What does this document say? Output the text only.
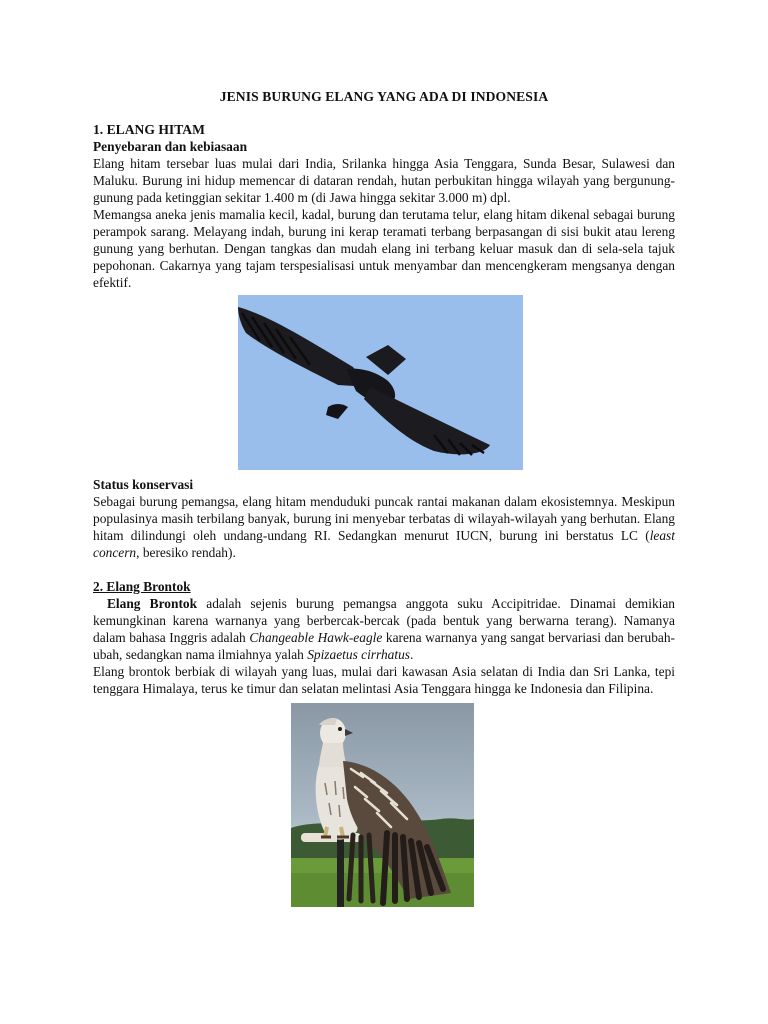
JENIS BURUNG ELANG YANG ADA DI INDONESIA
1. ELANG HITAM
Penyebaran dan kebiasaan

Elang hitam tersebar luas mulai dari India, Srilanka hingga Asia Tenggara, Sunda Besar, Sulawesi dan Maluku. Burung ini hidup memencar di dataran rendah, hutan perbukitan hingga wilayah yang bergunung-gunung pada ketinggian sekitar 1.400 m (di Jawa hingga sekitar 3.000 m) dpl.

Memangsa aneka jenis mamalia kecil, kadal, burung dan terutama telur, elang hitam dikenal sebagai burung perampok sarang. Melayang indah, burung ini kerap teramati terbang berpasangan di sisi bukit atau lereng gunung yang berhutan. Dengan tangkas dan mudah elang ini terbang keluar masuk dan di sela-sela tajuk pepohonan. Cakarnya yang tajam terspesialisasi untuk menyambar dan mencengkeram mengsanya dengan efektif.

Status konservasi

Sebagai burung pemangsa, elang hitam menduduki puncak rantai makanan dalam ekosistemnya. Meskipun populasinya masih terbilang banyak, burung ini menyebar terbatas di wilayah-wilayah yang berhutan. Elang hitam dilindungi oleh undang-undang RI. Sedangkan menurut IUCN, burung ini berstatus LC (least concern, beresiko rendah).

2. Elang Brontok

Elang Brontok adalah sejenis burung pemangsa anggota suku Accipitridae. Dinamai demikian kemungkinan karena warnanya yang berbercak-bercak (pada bentuk yang berwarna terang). Namanya dalam bahasa Inggris adalah Changeable Hawk-eagle karena warnanya yang sangat bervariasi dan berubah-ubah, sedangkan nama ilmiahnya yalah Spizaetus cirrhatus.

Elang brontok berbiak di wilayah yang luas, mulai dari kawasan Asia selatan di India dan Sri Lanka, tepi tenggara Himalaya, terus ke timur dan selatan melintasi Asia Tenggara hingga ke Indonesia dan Filipina.
